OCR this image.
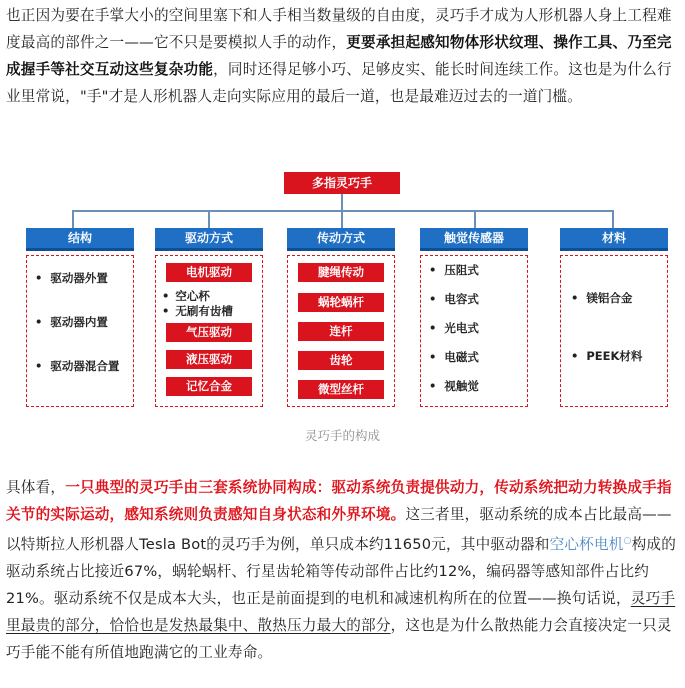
也正因为要在手掌大小的空间里塞下和人手相当数量级的自由度，灵巧手才成为人形机器人身上工程难度最高的部件之一——它不只是要模拟人手的动作，更要承担起感知物体形状纹理、操作工具、乃至完成握手等社交互动这些复杂功能，同时还得足够小巧、足够皮实、能长时间连续工作。这也是为什么行业里常说，"手"才是人形机器人走向实际应用的最后一道，也是最难迈过去的一道门槛。

多指灵巧手
结构
• 驱动器外置
• 驱动器内置
• 驱动器混合置
驱动方式
电机驱动
• 空心杯
• 无刷有齿槽
气压驱动
液压驱动
记忆合金
传动方式
腱绳传动
蜗轮蜗杆
连杆
齿轮
微型丝杆
触觉传感器
• 压阻式
• 电容式
• 光电式
• 电磁式
• 视触觉
材料
• 镁铝合金
• PEEK材料
灵巧手的构成

具体看，一只典型的灵巧手由三套系统协同构成：驱动系统负责提供动力，传动系统把动力转换成手指关节的实际运动，感知系统则负责感知自身状态和外界环境。这三者里，驱动系统的成本占比最高——以特斯拉人形机器人Tesla Bot的灵巧手为例，单只成本约11650元，其中驱动器和空心杯电机○构成的驱动系统占比接近67%，蜗轮蜗杆、行星齿轮箱等传动部件占比约12%，编码器等感知部件占比约21%。驱动系统不仅是成本大头，也正是前面提到的电机和减速机构所在的位置——换句话说，灵巧手里最贵的部分，恰恰也是发热最集中、散热压力最大的部分，这也是为什么散热能力会直接决定一只灵巧手能不能有所值地跑满它的工业寿命。
